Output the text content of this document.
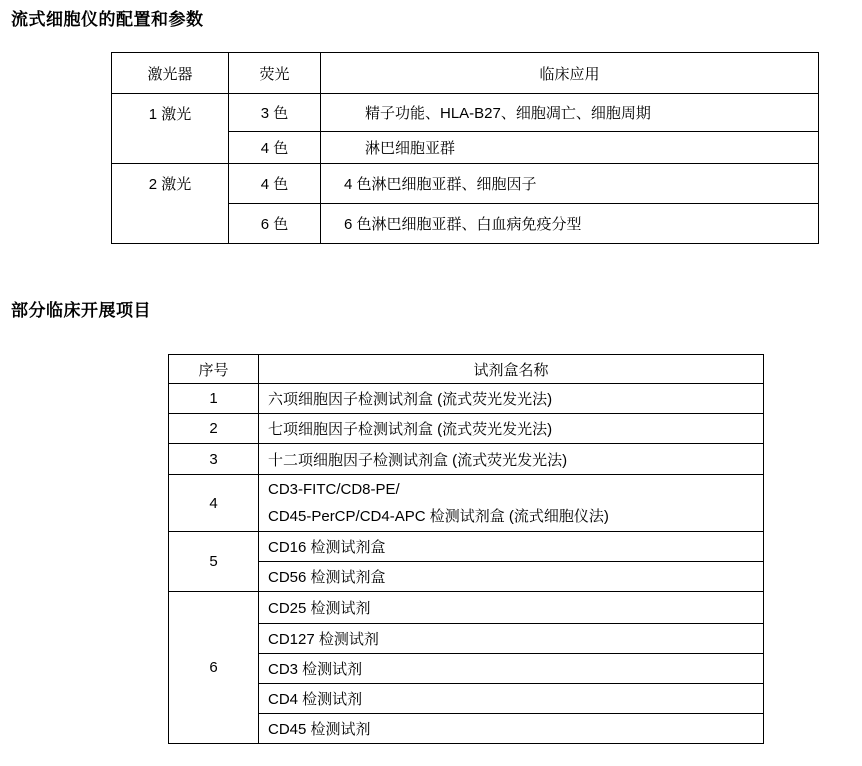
流式细胞仪的配置和参数
激光器	荧光	临床应用
1 激光	3 色	精子功能、HLA-B27、细胞凋亡、细胞周期
	4 色	淋巴细胞亚群
2 激光	4 色	4 色淋巴细胞亚群、细胞因子
	6 色	6 色淋巴细胞亚群、白血病免疫分型
部分临床开展项目
序号	试剂盒名称
1	六项细胞因子检测试剂盒 (流式荧光发光法)
2	七项细胞因子检测试剂盒 (流式荧光发光法)
3	十二项细胞因子检测试剂盒 (流式荧光发光法)
4	CD3-FITC/CD8-PE/
CD45-PerCP/CD4-APC 检测试剂盒 (流式细胞仪法)

5	CD16 检测试剂盒
	CD56 检测试剂盒
6	CD25 检测试剂
	CD127 检测试剂
	CD3 检测试剂
	CD4 检测试剂
	CD45 检测试剂
